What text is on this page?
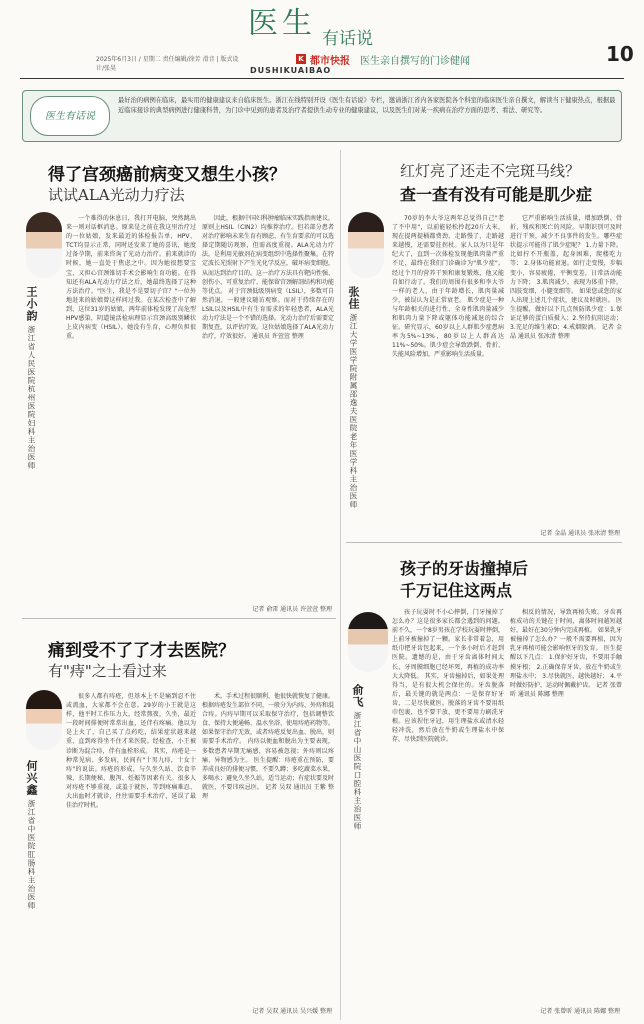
医生 有话说
10
2025年6月3日 / 星期二 责任编辑/徐芳 滑音 | 版式设计/张昊
K 都市快报 医生亲自撰写的门诊健闻
DUSHIKUAIBAO
医生有话说
最好治的病例在临床，最实用的健康建议来自临床医生。浙江在线特别开设《医生有话说》专栏，邀请浙江省内各家医院各个科室的临床医生亲自撰文，解读当下健康热点，根据最近临床接诊的典型病例进行健康科普，为门诊中见到的患者及治疗者提供生动专业的健康建议，以及医生们对某一疾病在治疗方面的思考、看法、研究等。
得了宫颈癌前病变又想生小孩？
试试ALA光动力疗法
王小韵 浙江省人民医院杭州医院妇科主治医师

一个难得的休息日，我打开电脑，突然跳出来一则对话框消息。原来是之前在我这里治疗过的一位姑娘，发来最近的体检报告单，HPV、TCT均显示正常，同时还发来了她的喜讯，她度过备孕期，前来咨询了光动力治疗。前来就诊的时候，她一直处于焦虑之中。因为她很想要宝宝，又担心宫颈锥切手术会影响生育功能。在得知还有ALA光动力疗法之后，她最终选择了这种方法治疗。"医生，我是不是要切子宫？"一位外地赶来的姑娘曾这样问过我。在某次检查中了解到，这位31岁的姑娘，两年前体检发现了高危型HPV感染，阴道镜活检病理显示宫颈高级别鳞状上皮内病变（HSIL）。她没有生育，心理负担很重。

因此，根据中国妇科肿瘤临床实践指南建议，原则上HSIL（CIN2）均推荐治疗。但若部分患者对治疗影响未来生育有顾虑、有生育要求的可以选择定期随访观察，但需高度重视。ALA光动力疗法，是利用光敏剂在病变组织中选择性聚集，在特定波长光照射下产生光化学反应，破坏病变细胞，从而达到治疗目的。这一治疗方法具有靶向性强、创伤小、可重复治疗、能保留宫颈解剖结构和功能等优点。 对于宫颈低级别病变（LSIL），多数可自然消退，一般建议随访观察。而对于持续存在的LSIL以及HSIL中有生育需求的年轻患者，ALA光动力疗法是一个不错的选择。光动力治疗后需要定期复查，以评估疗效。这位姑娘选择了ALA光动力治疗，疗效很好。 通讯员 许萱萱 整理

记者 俞雷 通讯员 许萱萱 整理
红灯亮了还走不完斑马线？
查一查有没有可能是肌少症
张佳 浙江大学医学院附属邵逸夫医院老年医学科主治医师

70岁的李大爷这两年总觉得自己"老了不中用"，以前能轻松拎起20斤大米，现在提两提桶都费劲，走路慢了，走路越来越慢，还需要拄拐杖。家人以为只是年纪大了，直到一次体检发现他肌肉量严重不足，最终在我们门诊确诊为"肌少症"。经过个月的营养干预和康复锻炼，他又能自如行动了。我们的周围有很多和李大爷一样的老人，由于年龄增长，肌肉量减少，被误认为是正常衰老。 肌少症是一种与年龄相关的进行性、全身性肌肉量减少和肌肉力量下降或躯体功能减退的综合征。研究显示，60岁以上人群肌少症患病率为5%~13%，80岁以上人群高达11%~50%。肌少症会导致跌倒、骨折、失能风险增加，严重影响生活质量。

它严重影响生活质量，增加跌倒、骨折、残疾和死亡的风险。早期识别可及时进行干预，减少不良事件的发生。哪些症状提示可能得了肌少症呢？ 1.力量下降。比如拧不开瓶盖，起身困难，爬楼吃力等； 2.身体功能衰退。如行走变慢，步幅变小，容易疲倦，平衡变差，日常活动能力下降； 3.肌肉减少。表现为体重下降，四肢变细，小腿变细等。 如果您或您的家人出现上述几个症状，建议及时就医。 医生提醒，做好以下几点预防肌少症：1.保证足够的蛋白质摄入；2.坚持抗阻运动；3.充足的维生素D；4.戒烟限酒。 记者 金晶 通讯员 张冰清 整理

记者 金晶 通讯员 张冰清 整理
痛到受不了了才去医院？
有"痔"之士看过来
何兴鑫 浙江省中医院肛肠科主治医师

很多人都有痔疮，但基本上不是痛到忍不住或流血，大家都不会在意。29岁的小王就是这样，他平时工作压力大，经常熬夜，久坐，最近一段时间排便时常常出血，还伴有疼痛。他以为是上火了，自己买了点药吃，结果症状越来越重，直到疼得坐不住才来医院。经检查，小王被诊断为混合痔，伴有血栓形成。 其实，痔疮是一种常见病、多发病，民间有"十男九痔，十女十痔"的说法。痔疮的形成，与久坐久站、饮食辛辣、长期便秘、腹泻、妊娠等因素有关。很多人对痔疮不够重视，或羞于就医，等到疼痛难忍、大出血时才就诊，往往需要手术治疗，延误了最佳治疗时机。

术。手术过程很顺利，他很快就恢复了健康。 根据痔疮发生部位不同，一般分为内痔、外痔和混合痔。内痔早期可以采取保守治疗，包括调整饮食、保持大便通畅、温水坐浴、使用痔疮药物等。如果保守治疗无效，或者痔疮反复出血、脱出，则需要手术治疗。 内痔以便血和脱出为主要表现，多数患者早期无痛感，容易被忽视；外痔则以疼痛、异物感为主。 医生提醒：痔疮重在预防，要养成良好的排便习惯，不要久蹲；多吃蔬菜水果，多喝水；避免久坐久站，适当运动；有症状要及时就医，不要讳疾忌医。 记者 吴双 通讯员 王紫 整理

记者 吴双 通讯员 吴兴媛 整理
孩子的牙齿撞掉后
千万记住这两点
俞飞 浙江省中山医院口腔科主治医师

孩子玩耍时不小心摔倒，门牙撞掉了怎么办？这是很多家长都会遇到的问题。前不久，一个8岁男孩在学校玩耍时摔倒，上前牙被撞掉了一颗。家长非常着急，用纸巾把牙齿包起来，一个多小时后才赶到医院。遗憾的是，由于牙齿离体时间太长，牙周膜细胞已经坏死，再植的成功率大大降低。 其实，牙齿撞掉后，如果处理得当，是有很大机会保住的。牙齿脱落后，最关键的就是两点：一是保存好牙齿，二是尽快就医。脱落的牙齿不要用纸巾包裹，也不要干放，更不要用力刷洗牙根。应该捏住牙冠，用生理盐水或清水轻轻冲洗，然后放在牛奶或生理盐水中保存，尽快到医院就诊。

相反的情况，导致再植失败。牙齿再植成功的关键在于时间，离体时间越短越好，最好在30分钟内完成再植。 如果乳牙被撞掉了怎么办？一般不需要再植，因为乳牙再植可能会影响恒牙的发育。 医生提醒以下几点： 1.保护好牙齿，不要用手触摸牙根； 2.正确保存牙齿，放在牛奶或生理盐水中； 3.尽快就医，越快越好； 4.平时做好防护，运动时佩戴护齿。 记者 张曾昕 通讯员 陈娜 整理

记者 张曾昕 通讯员 陈娜 整理
